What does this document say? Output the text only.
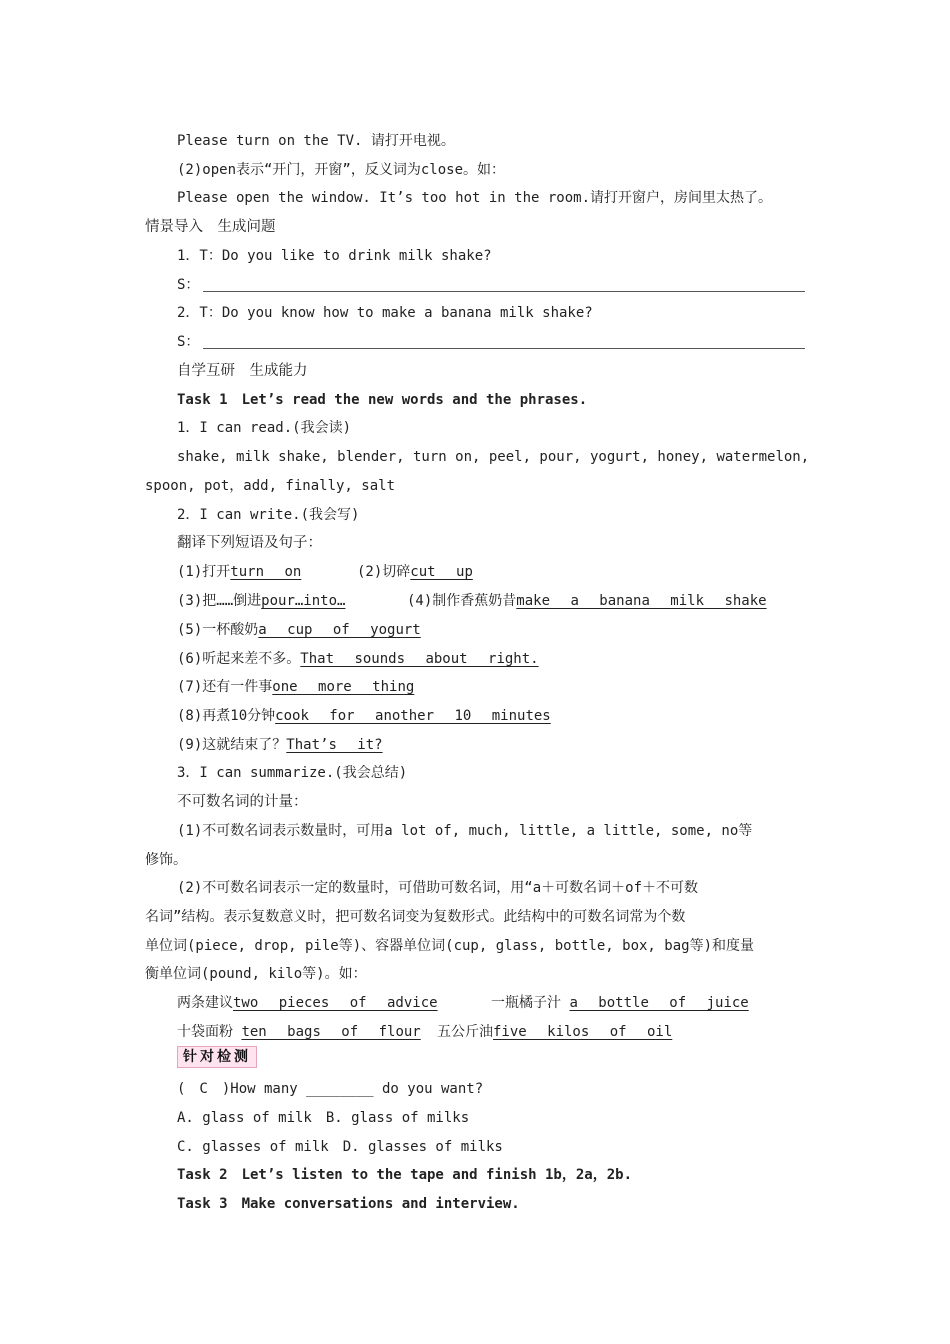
Please turn on the TV. 请打开电视。
(2)open表示“开门，开窗”，反义词为close。如：
Please open the window. It’s too hot in the room.请打开窗户，房间里太热了。
情景导入　生成问题
1．T：Do you like to drink milk shake?
S：
2．T：Do you know how to make a banana milk shake?
S：
自学互研　生成能力
Task 1　Let’s read the new words and the phrases.
1．I can read.(我会读)
shake, milk shake, blender, turn on, peel, pour, yogurt, honey, watermelon,
spoon, pot，add, finally, salt
2．I can write.(我会写)
翻译下列短语及句子：
(1)打开turn on	(2)切碎cut up
(3)把……倒进pour…into…	(4)制作香蕉奶昔make a banana milk shake
(5)一杯酸奶a cup of yogurt
(6)听起来差不多。That sounds about right.
(7)还有一件事one more thing
(8)再煮10分钟cook for another 10 minutes
(9)这就结束了？That’s it?
3．I can summarize.(我会总结)
不可数名词的计量：
(1)不可数名词表示数量时，可用a lot of, much, little, a little, some, no等
修饰。
(2)不可数名词表示一定的数量时，可借助可数名词，用“a＋可数名词＋of＋不可数
名词”结构。表示复数意义时，把可数名词变为复数形式。此结构中的可数名词常为个数
单位词(piece, drop, pile等)、容器单位词(cup, glass, bottle, box, bag等)和度量
衡单位词(pound, kilo等)。如：
两条建议two pieces of advice	一瓶橘子汁 a bottle of juice
十袋面粉 ten bags of flour 五公斤油five kilos of oil
针对检测
(　C　)How many ________ do you want?
A. glass of milk　B. glass of milks
C. glasses of milk　D. glasses of milks
Task 2　Let’s listen to the tape and finish 1b，2a，2b.
Task 3　Make conversations and interview.
